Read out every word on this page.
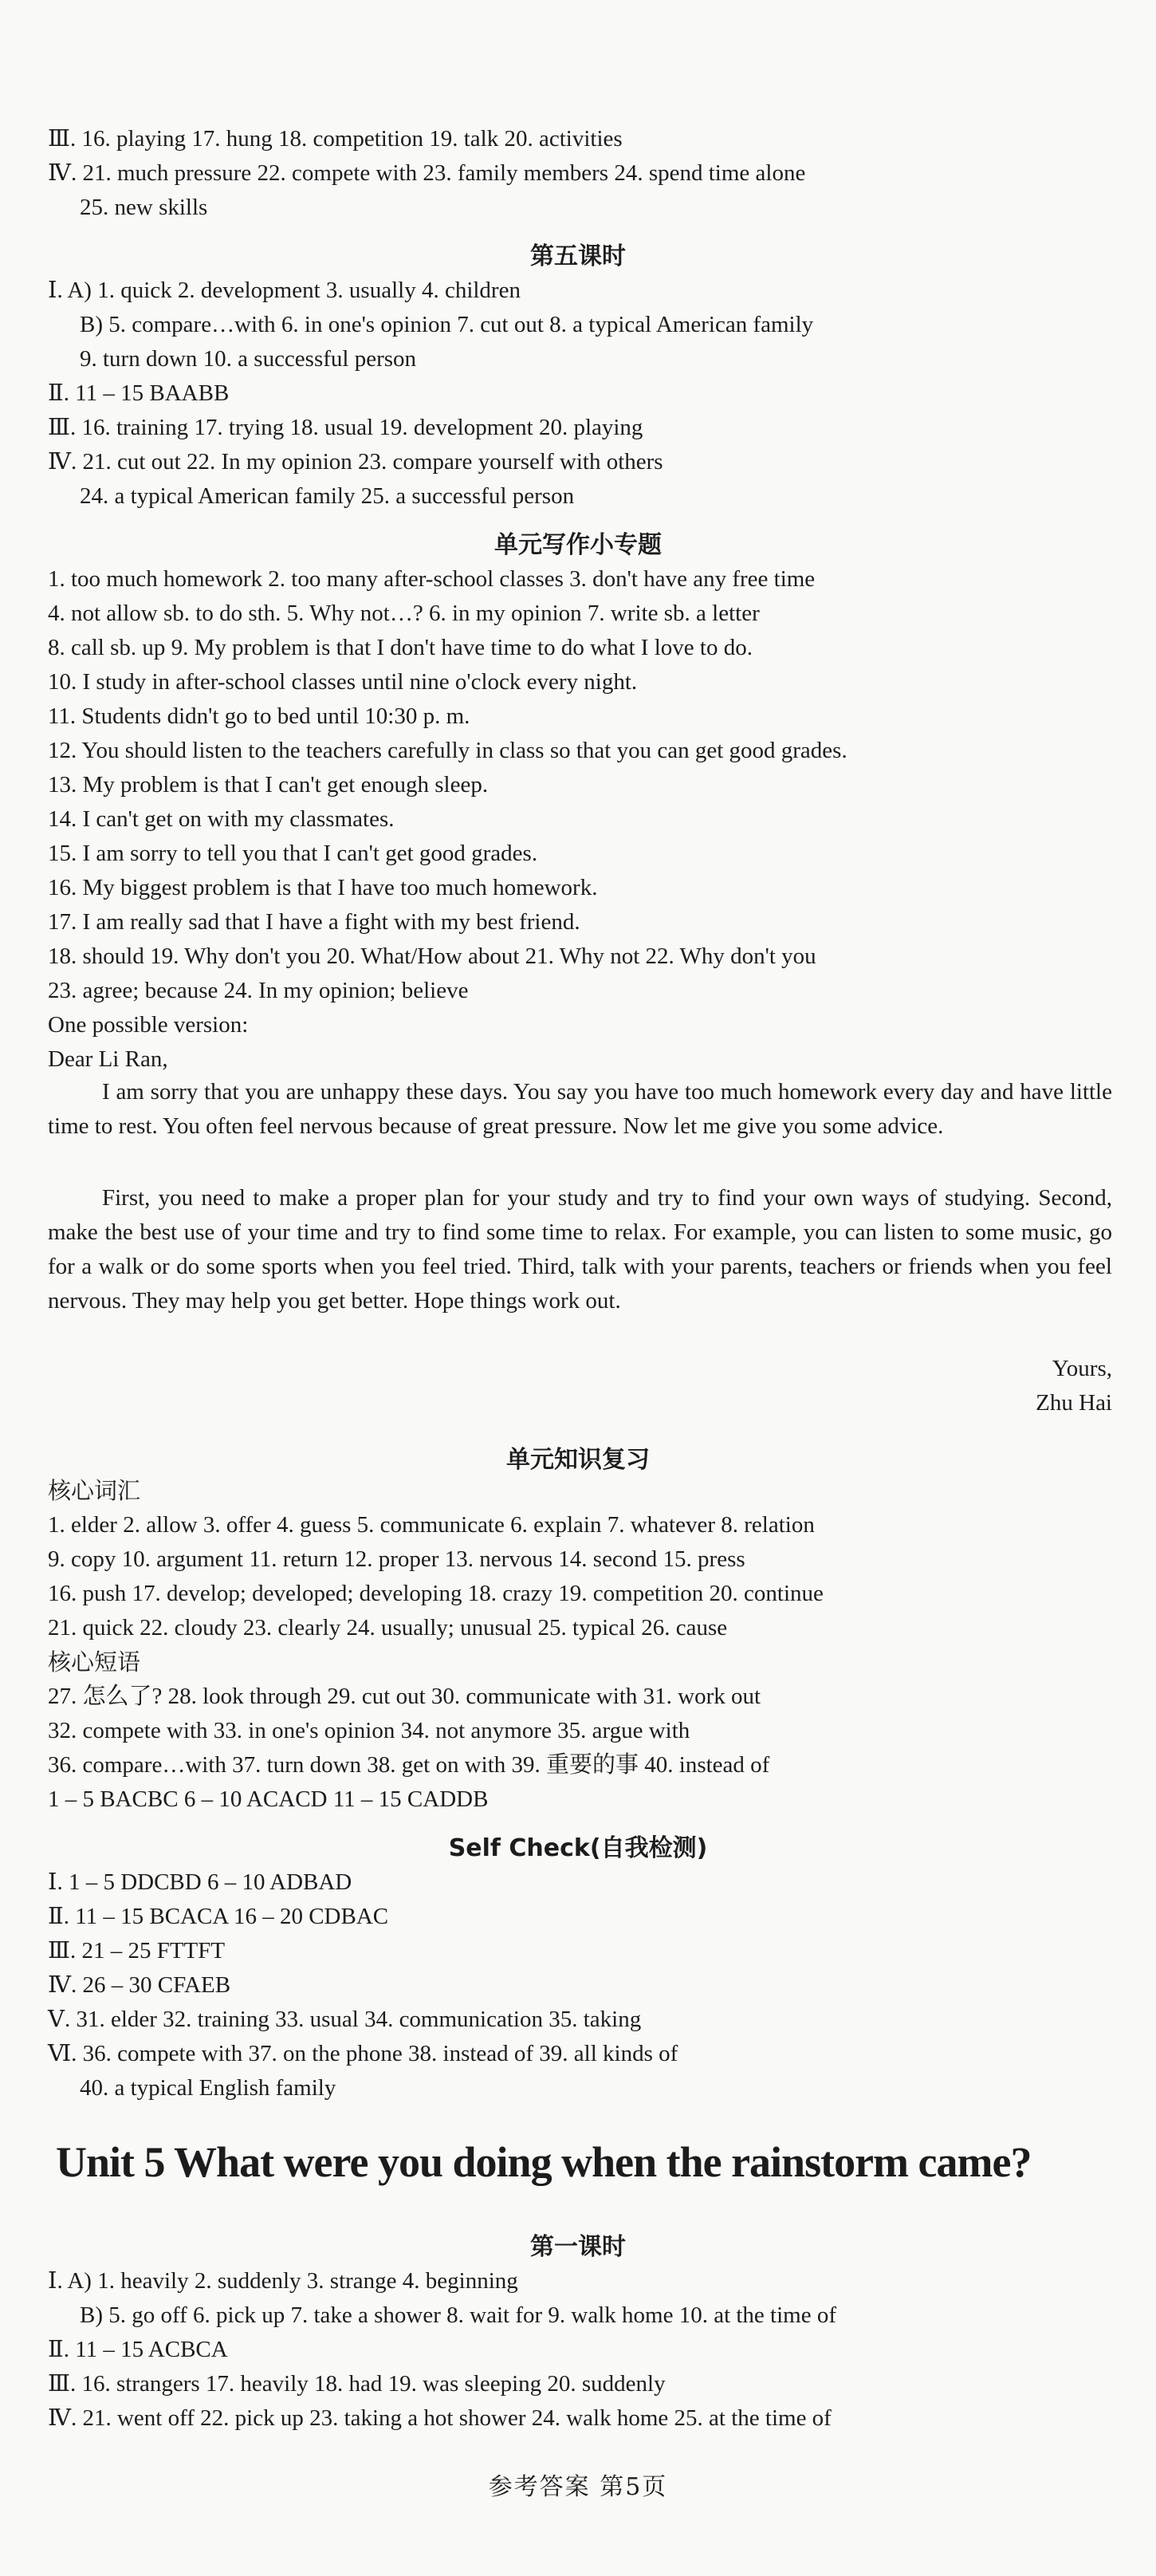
Ⅲ. 16. playing 17. hung 18. competition 19. talk 20. activities
Ⅳ. 21. much pressure 22. compete with 23. family members 24. spend time alone
25. new skills
第五课时
Ⅰ. A) 1. quick 2. development 3. usually 4. children
B) 5. compare…with 6. in one's opinion 7. cut out 8. a typical American family
9. turn down 10. a successful person
Ⅱ. 11 – 15 BAABB
Ⅲ. 16. training 17. trying 18. usual 19. development 20. playing
Ⅳ. 21. cut out 22. In my opinion 23. compare yourself with others
24. a typical American family 25. a successful person
单元写作小专题
1. too much homework 2. too many after-school classes 3. don't have any free time
4. not allow sb. to do sth. 5. Why not…? 6. in my opinion 7. write sb. a letter
8. call sb. up 9. My problem is that I don't have time to do what I love to do.
10. I study in after-school classes until nine o'clock every night.
11. Students didn't go to bed until 10:30 p. m.
12. You should listen to the teachers carefully in class so that you can get good grades.
13. My problem is that I can't get enough sleep.
14. I can't get on with my classmates.
15. I am sorry to tell you that I can't get good grades.
16. My biggest problem is that I have too much homework.
17. I am really sad that I have a fight with my best friend.
18. should 19. Why don't you 20. What/How about 21. Why not 22. Why don't you
23. agree; because 24. In my opinion; believe
One possible version:
Dear Li Ran,
I am sorry that you are unhappy these days. You say you have too much homework every day and have little time to rest. You often feel nervous because of great pressure. Now let me give you some advice.
First, you need to make a proper plan for your study and try to find your own ways of studying. Second, make the best use of your time and try to find some time to relax. For example, you can listen to some music, go for a walk or do some sports when you feel tried. Third, talk with your parents, teachers or friends when you feel nervous. They may help you get better. Hope things work out.
Yours,
Zhu Hai
单元知识复习
核心词汇
1. elder 2. allow 3. offer 4. guess 5. communicate 6. explain 7. whatever 8. relation
9. copy 10. argument 11. return 12. proper 13. nervous 14. second 15. press
16. push 17. develop; developed; developing 18. crazy 19. competition 20. continue
21. quick 22. cloudy 23. clearly 24. usually; unusual 25. typical 26. cause
核心短语
27. 怎么了? 28. look through 29. cut out 30. communicate with 31. work out
32. compete with 33. in one's opinion 34. not anymore 35. argue with
36. compare…with 37. turn down 38. get on with 39. 重要的事 40. instead of
1 – 5 BACBC 6 – 10 ACACD 11 – 15 CADDB
Self Check(自我检测)
Ⅰ. 1 – 5 DDCBD 6 – 10 ADBAD
Ⅱ. 11 – 15 BCACA 16 – 20 CDBAC
Ⅲ. 21 – 25 FTTFT
Ⅳ. 26 – 30 CFAEB
Ⅴ. 31. elder 32. training 33. usual 34. communication 35. taking
Ⅵ. 36. compete with 37. on the phone 38. instead of 39. all kinds of
40. a typical English family
Unit 5 What were you doing when the rainstorm came?
第一课时
Ⅰ. A) 1. heavily 2. suddenly 3. strange 4. beginning
B) 5. go off 6. pick up 7. take a shower 8. wait for 9. walk home 10. at the time of
Ⅱ. 11 – 15 ACBCA
Ⅲ. 16. strangers 17. heavily 18. had 19. was sleeping 20. suddenly
Ⅳ. 21. went off 22. pick up 23. taking a hot shower 24. walk home 25. at the time of
参考答案 第5页
